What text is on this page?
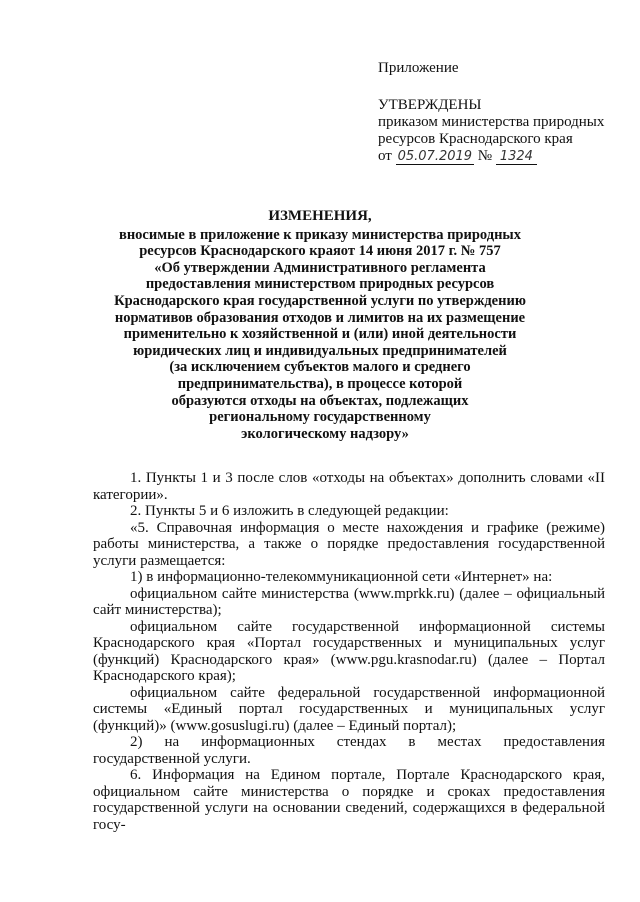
Приложение
УТВЕРЖДЕНЫ
приказом министерства природных
ресурсов Краснодарского края
от 05.07.2019 № 1324
ИЗМЕНЕНИЯ,
вносимые в приложение к приказу министерства природных
ресурсов Краснодарского краяот 14 июня 2017 г. № 757
«Об утверждении Административного регламента
предоставления министерством природных ресурсов
Краснодарского края государственной услуги по утверждению
нормативов образования отходов и лимитов на их размещение
применительно к хозяйственной и (или) иной деятельности
юридических лиц и индивидуальных предпринимателей
(за исключением субъектов малого и среднего
предпринимательства), в процессе которой
образуются отходы на объектах, подлежащих
региональному государственному
экологическому надзору»

1. Пункты 1 и 3 после слов «отходы на объектах» дополнить словами «II категории».

2. Пункты 5 и 6 изложить в следующей редакции:

«5. Справочная информация о месте нахождения и графике (режиме) работы министерства, а также о порядке предоставления государственной услуги размещается:

1) в информационно-телекоммуникационной сети «Интернет» на:

официальном сайте министерства (www.mprkk.ru) (далее – официальный сайт министерства);

официальном сайте государственной информационной системы Краснодарского края «Портал государственных и муниципальных услуг (функций) Краснодарского края» (www.pgu.krasnodar.ru) (далее – Портал Краснодарского края);

официальном сайте федеральной государственной информационной системы «Единый портал государственных и муниципальных услуг (функций)» (www.gosuslugi.ru) (далее – Единый портал);

2) на информационных стендах в местах предоставления государственной услуги.

6. Информация на Едином портале, Портале Краснодарского края, официальном сайте министерства о порядке и сроках предоставления государственной услуги на основании сведений, содержащихся в федеральной госу-
